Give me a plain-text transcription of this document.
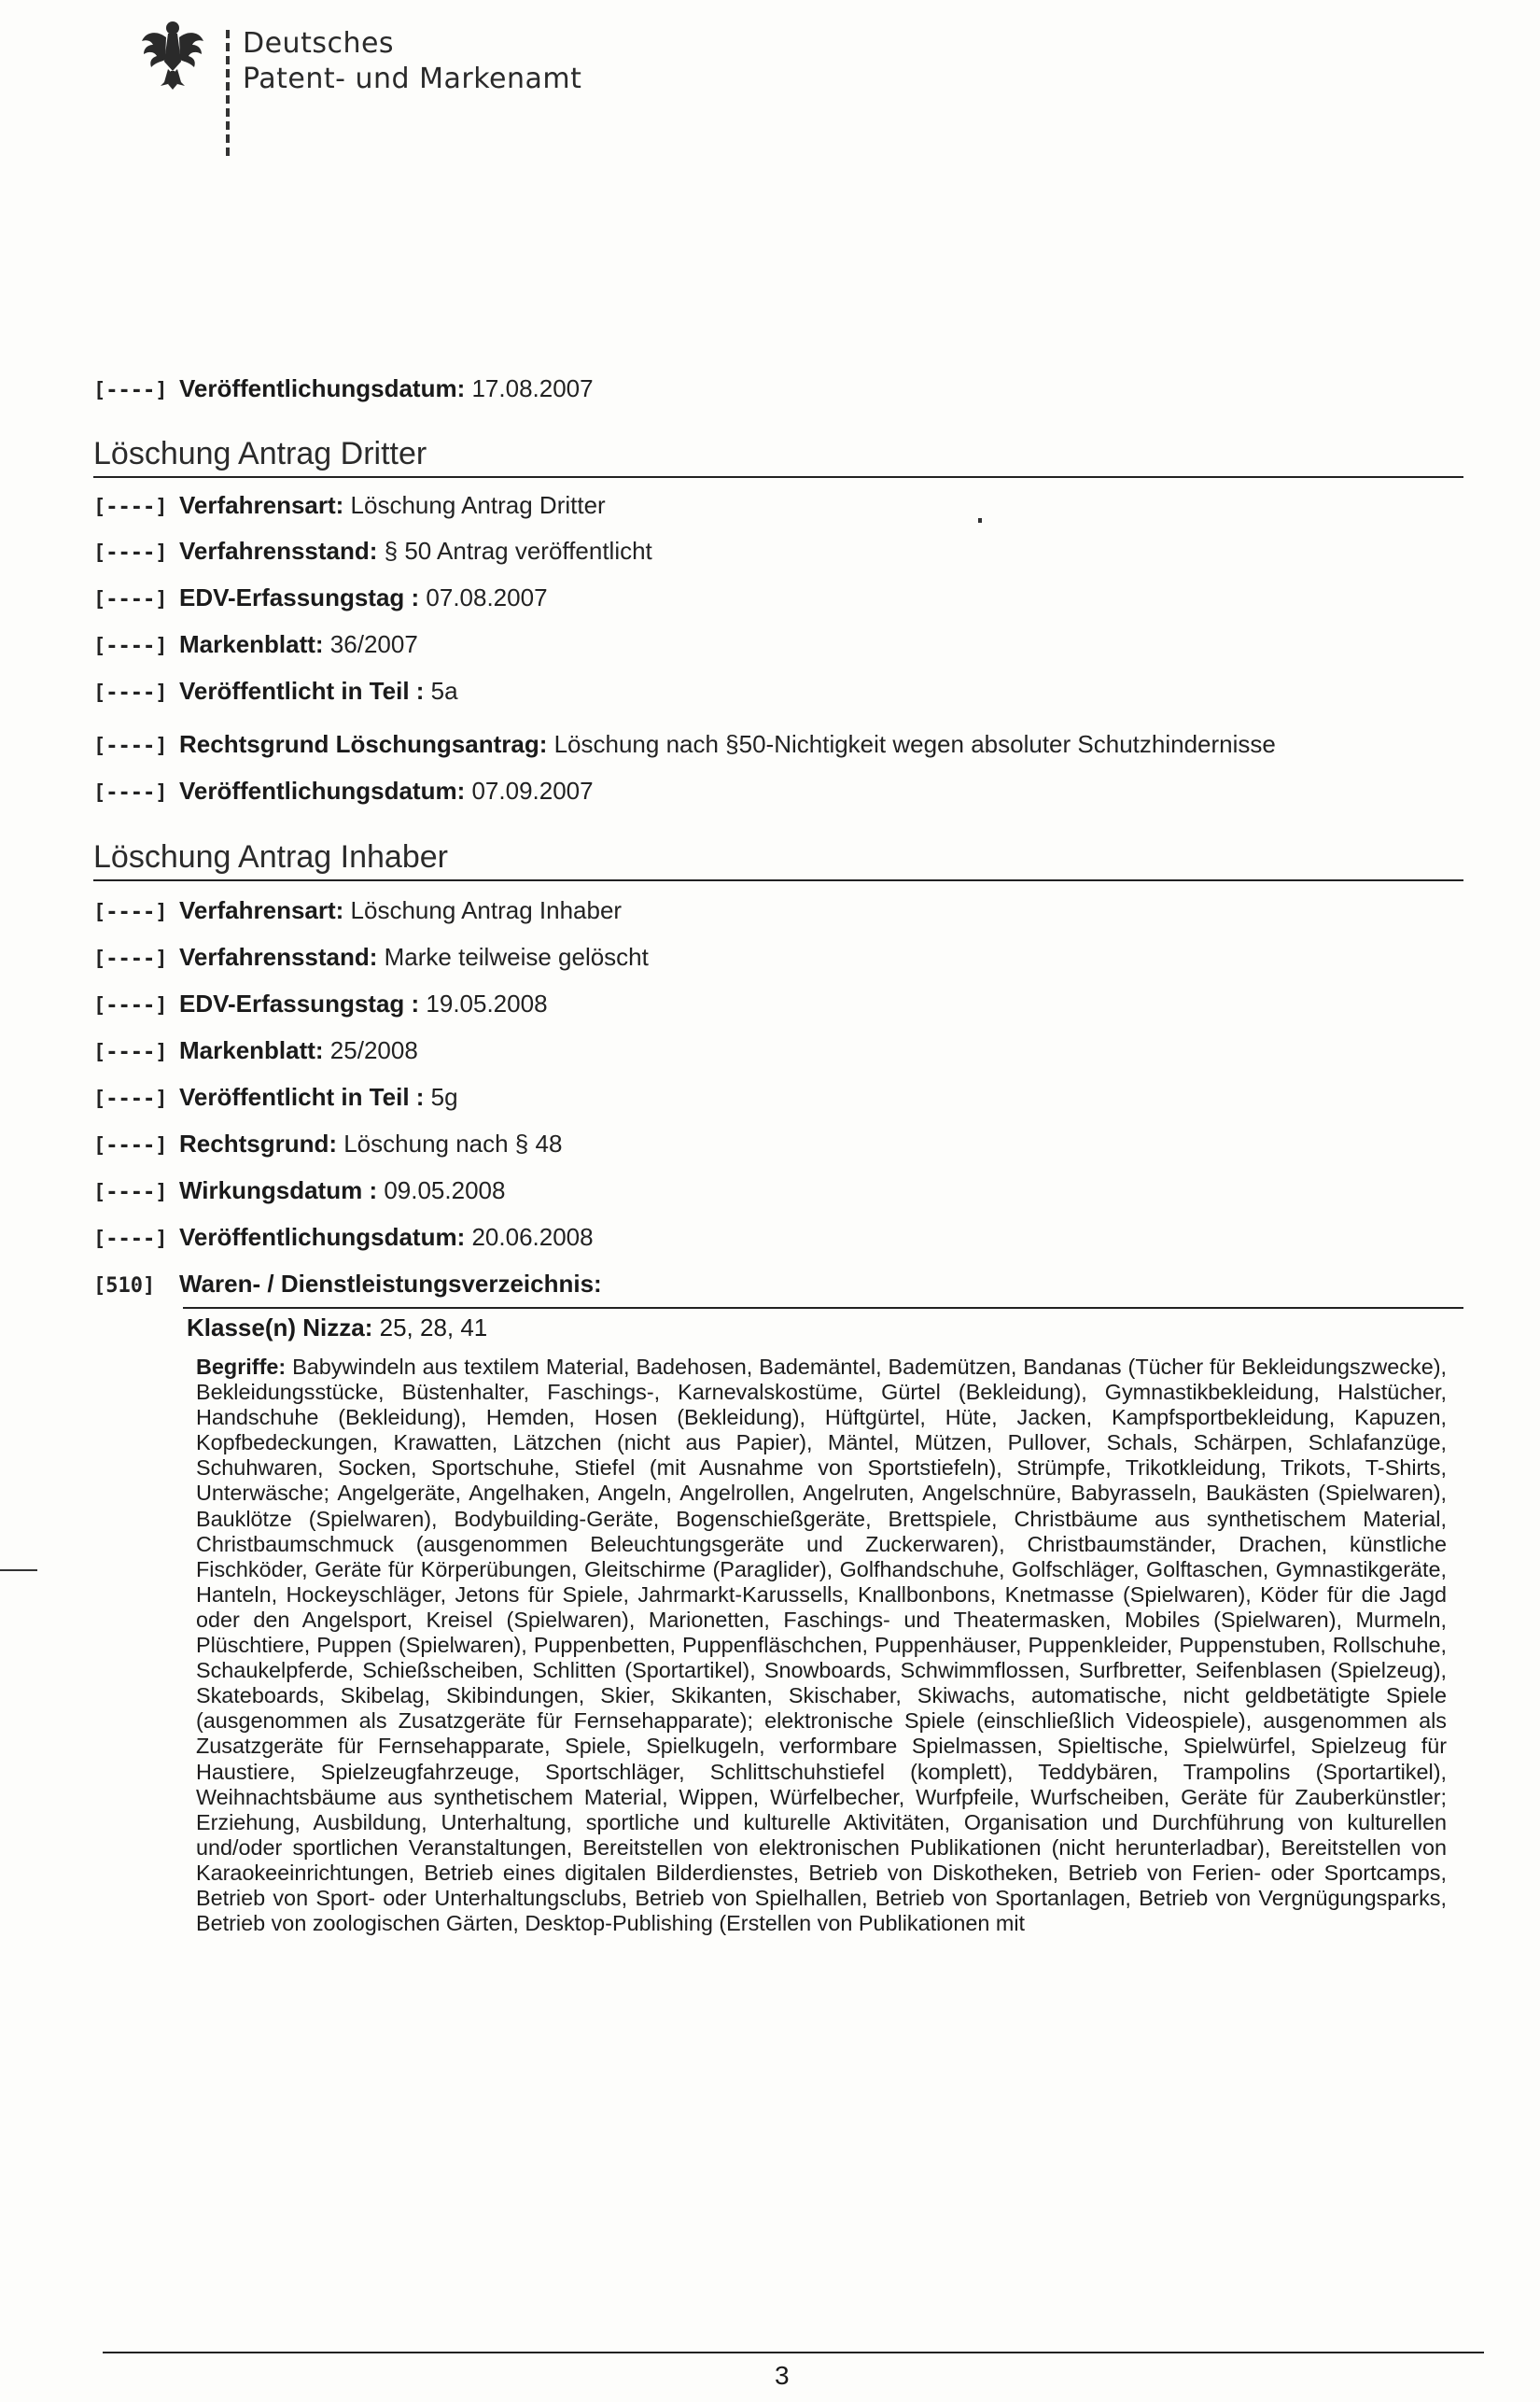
Deutsches
Patent- und Markenamt
[----] Veröffentlichungsdatum: 17.08.2007
Löschung Antrag Dritter
[----] Verfahrensart: Löschung Antrag Dritter
[----] Verfahrensstand: § 50 Antrag veröffentlicht
[----] EDV-Erfassungstag : 07.08.2007
[----] Markenblatt: 36/2007
[----] Veröffentlicht in Teil : 5a
[----] Rechtsgrund Löschungsantrag: Löschung nach §50-Nichtigkeit wegen absoluter Schutzhindernisse
[----] Veröffentlichungsdatum: 07.09.2007
Löschung Antrag Inhaber
[----] Verfahrensart: Löschung Antrag Inhaber
[----] Verfahrensstand: Marke teilweise gelöscht
[----] EDV-Erfassungstag : 19.05.2008
[----] Markenblatt: 25/2008
[----] Veröffentlicht in Teil : 5g
[----] Rechtsgrund: Löschung nach § 48
[----] Wirkungsdatum : 09.05.2008
[----] Veröffentlichungsdatum: 20.06.2008
[510] Waren- / Dienstleistungsverzeichnis:
Klasse(n) Nizza: 25, 28, 41
Begriffe: Babywindeln aus textilem Material, Badehosen, Bademäntel, Bademützen, Bandanas (Tücher für Bekleidungszwecke), Bekleidungsstücke, Büstenhalter, Faschings-, Karnevalskostüme, Gürtel (Bekleidung), Gymnastikbekleidung, Halstücher, Handschuhe (Bekleidung), Hemden, Hosen (Bekleidung), Hüftgürtel, Hüte, Jacken, Kampfsportbekleidung, Kapuzen, Kopfbedeckungen, Krawatten, Lätzchen (nicht aus Papier), Mäntel, Mützen, Pullover, Schals, Schärpen, Schlafanzüge, Schuhwaren, Socken, Sportschuhe, Stiefel (mit Ausnahme von Sportstiefeln), Strümpfe, Trikotkleidung, Trikots, T-Shirts, Unterwäsche; Angelgeräte, Angelhaken, Angeln, Angelrollen, Angelruten, Angelschnüre, Babyrasseln, Baukästen (Spielwaren), Bauklötze (Spielwaren), Bodybuilding-Geräte, Bogenschießgeräte, Brettspiele, Christbäume aus synthetischem Material, Christbaumschmuck (ausgenommen Beleuchtungsgeräte und Zuckerwaren), Christbaumständer, Drachen, künstliche Fischköder, Geräte für Körperübungen, Gleitschirme (Paraglider), Golfhandschuhe, Golfschläger, Golftaschen, Gymnastikgeräte, Hanteln, Hockeyschläger, Jetons für Spiele, Jahrmarkt-Karussells, Knallbonbons, Knetmasse (Spielwaren), Köder für die Jagd oder den Angelsport, Kreisel (Spielwaren), Marionetten, Faschings- und Theatermasken, Mobiles (Spielwaren), Murmeln, Plüschtiere, Puppen (Spielwaren), Puppenbetten, Puppenfläschchen, Puppenhäuser, Puppenkleider, Puppenstuben, Rollschuhe, Schaukelpferde, Schießscheiben, Schlitten (Sportartikel), Snowboards, Schwimmflossen, Surfbretter, Seifenblasen (Spielzeug), Skateboards, Skibelag, Skibindungen, Skier, Skikanten, Skischaber, Skiwachs, automatische, nicht geldbetätigte Spiele (ausgenommen als Zusatzgeräte für Fernsehapparate); elektronische Spiele (einschließlich Videospiele), ausgenommen als Zusatzgeräte für Fernsehapparate, Spiele, Spielkugeln, verformbare Spielmassen, Spieltische, Spielwürfel, Spielzeug für Haustiere, Spielzeugfahrzeuge, Sportschläger, Schlittschuhstiefel (komplett), Teddybären, Trampolins (Sportartikel), Weihnachtsbäume aus synthetischem Material, Wippen, Würfelbecher, Wurfpfeile, Wurfscheiben, Geräte für Zauberkünstler; Erziehung, Ausbildung, Unterhaltung, sportliche und kulturelle Aktivitäten, Organisation und Durchführung von kulturellen und/oder sportlichen Veranstaltungen, Bereitstellen von elektronischen Publikationen (nicht herunterladbar), Bereitstellen von Karaokeeinrichtungen, Betrieb eines digitalen Bilderdienstes, Betrieb von Diskotheken, Betrieb von Ferien- oder Sportcamps, Betrieb von Sport- oder Unterhaltungsclubs, Betrieb von Spielhallen, Betrieb von Sportanlagen, Betrieb von Vergnügungsparks, Betrieb von zoologischen Gärten, Desktop-Publishing (Erstellen von Publikationen mit
3
